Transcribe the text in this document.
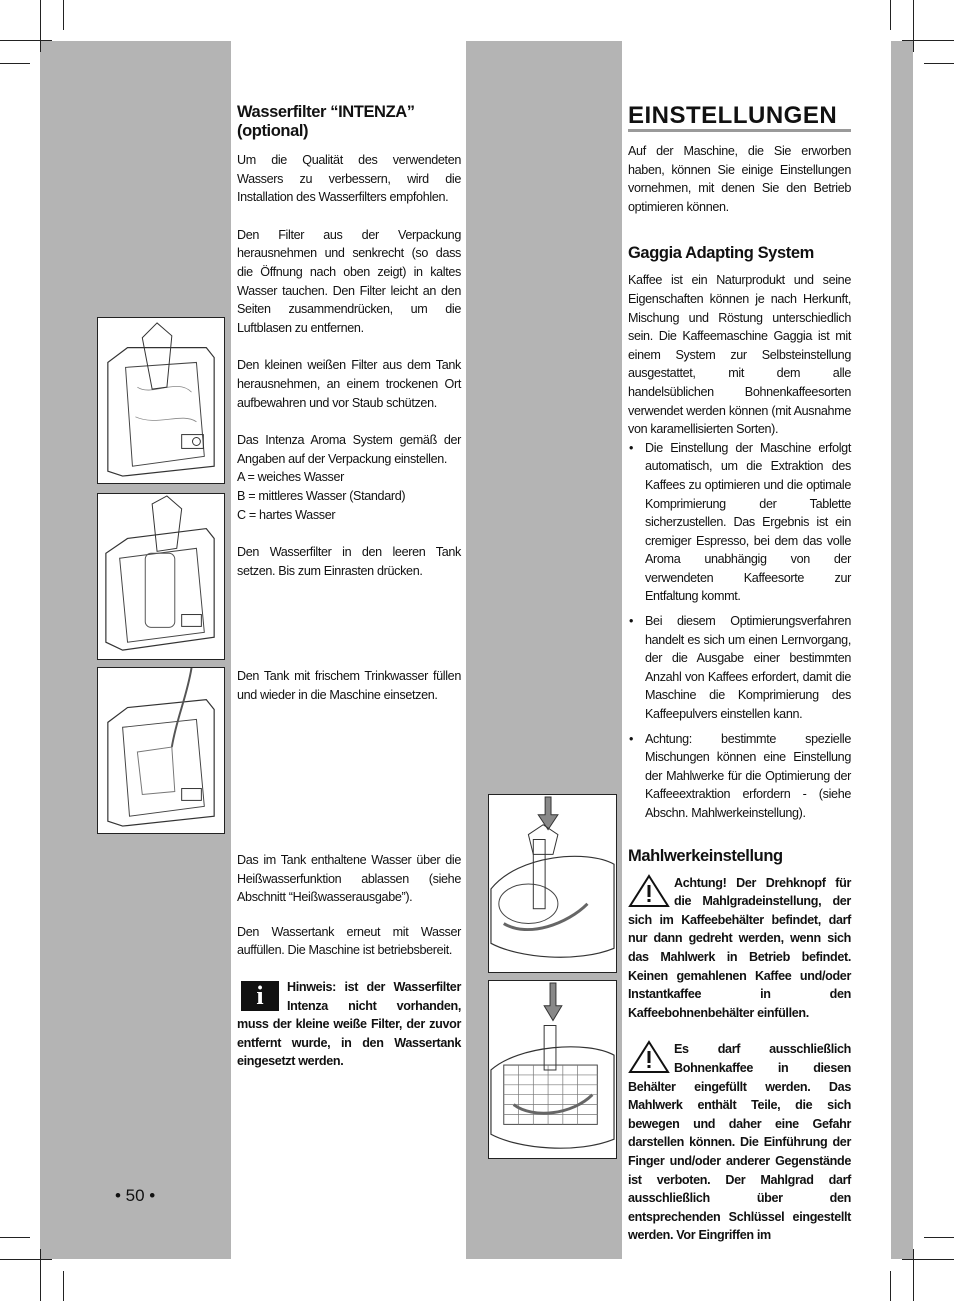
Wasserfilter “INTENZA” (optional)

Um die Qualität des verwendeten Wassers zu verbessern, wird die Installation des Wasserfilters empfohlen.

Den Filter aus der Verpackung herausnehmen und senkrecht (so dass die Öffnung nach oben zeigt) in kaltes Wasser tauchen. Den Filter leicht an den Seiten zusammendrücken, um die Luftblasen zu entfernen.

Den kleinen weißen Filter aus dem Tank herausnehmen, an einem trockenen Ort aufbewahren und vor Staub schützen.

Das Intenza Aroma System gemäß der Angaben auf der Verpackung einstellen.

A = weiches Wasser

B = mittleres Wasser (Standard)

C = hartes Wasser

Den Wasserfilter in den leeren Tank setzen. Bis zum Einrasten drücken.

Den Tank mit frischem Trinkwasser füllen und wieder in die Maschine einsetzen.

Das im Tank enthaltene Wasser über die Heißwasserfunktion ablassen (siehe Abschnitt “Heißwasserausgabe”).

Den Wassertank erneut mit Wasser auffüllen. Die Maschine ist betriebsbereit.

i	Hinweis: ist der Wasserfilter Intenza nicht vorhanden, muss der kleine weiße Filter, der zuvor entfernt wurde, in den Wassertank eingesetzt werden.

• 50 •

EINSTELLUNGEN

Auf der Maschine, die Sie erworben haben, können Sie einige Einstellungen vornehmen, mit denen Sie den Betrieb optimieren können.

Gaggia Adapting System

Kaffee ist ein Naturprodukt und seine Eigenschaften können je nach Herkunft, Mischung und Röstung unterschiedlich sein. Die Kaffeemaschine Gaggia ist mit einem System zur Selbsteinstellung ausgestattet, mit dem alle handelsüblichen Bohnenkaffeesorten verwendet werden können (mit Ausnahme von karamellisierten Sorten).

• Die Einstellung der Maschine erfolgt automatisch, um die Extraktion des Kaffees zu optimieren und die optimale Komprimierung der Tablette sicherzustellen. Das Ergebnis ist ein cremiger Espresso, bei dem das volle Aroma unabhängig von der verwendeten Kaffeesorte zur Entfaltung kommt.
• Bei diesem Optimierungsverfahren handelt es sich um einen Lernvorgang, der die Ausgabe einer bestimmten Anzahl von Kaffees erfordert, damit die Maschine die Komprimierung des Kaffeepulvers einstellen kann.
• Achtung: bestimmte spezielle Mischungen können eine Einstellung der Mahlwerke für die Optimierung der Kaffeeextraktion erfordern - (siehe Abschn. Mahlwerkeinstellung).

Mahlwerkeinstellung

Achtung! Der Drehknopf für die Mahlgradeinstellung, der sich im Kaffeebehälter befindet, darf nur dann gedreht werden, wenn sich das Mahlwerk in Betrieb befindet. Keinen gemahlenen Kaffee und/oder Instantkaffee in den Kaffeebohnenbehälter einfüllen.

Es darf ausschließlich Bohnenkaffee in diesen Behälter eingefüllt werden. Das Mahlwerk enthält Teile, die sich bewegen und daher eine Gefahr darstellen können. Die Einführung der Finger und/oder anderer Gegenstände ist verboten. Der Mahlgrad darf ausschließlich über den entsprechenden Schlüssel eingestellt werden. Vor Eingriffen im
